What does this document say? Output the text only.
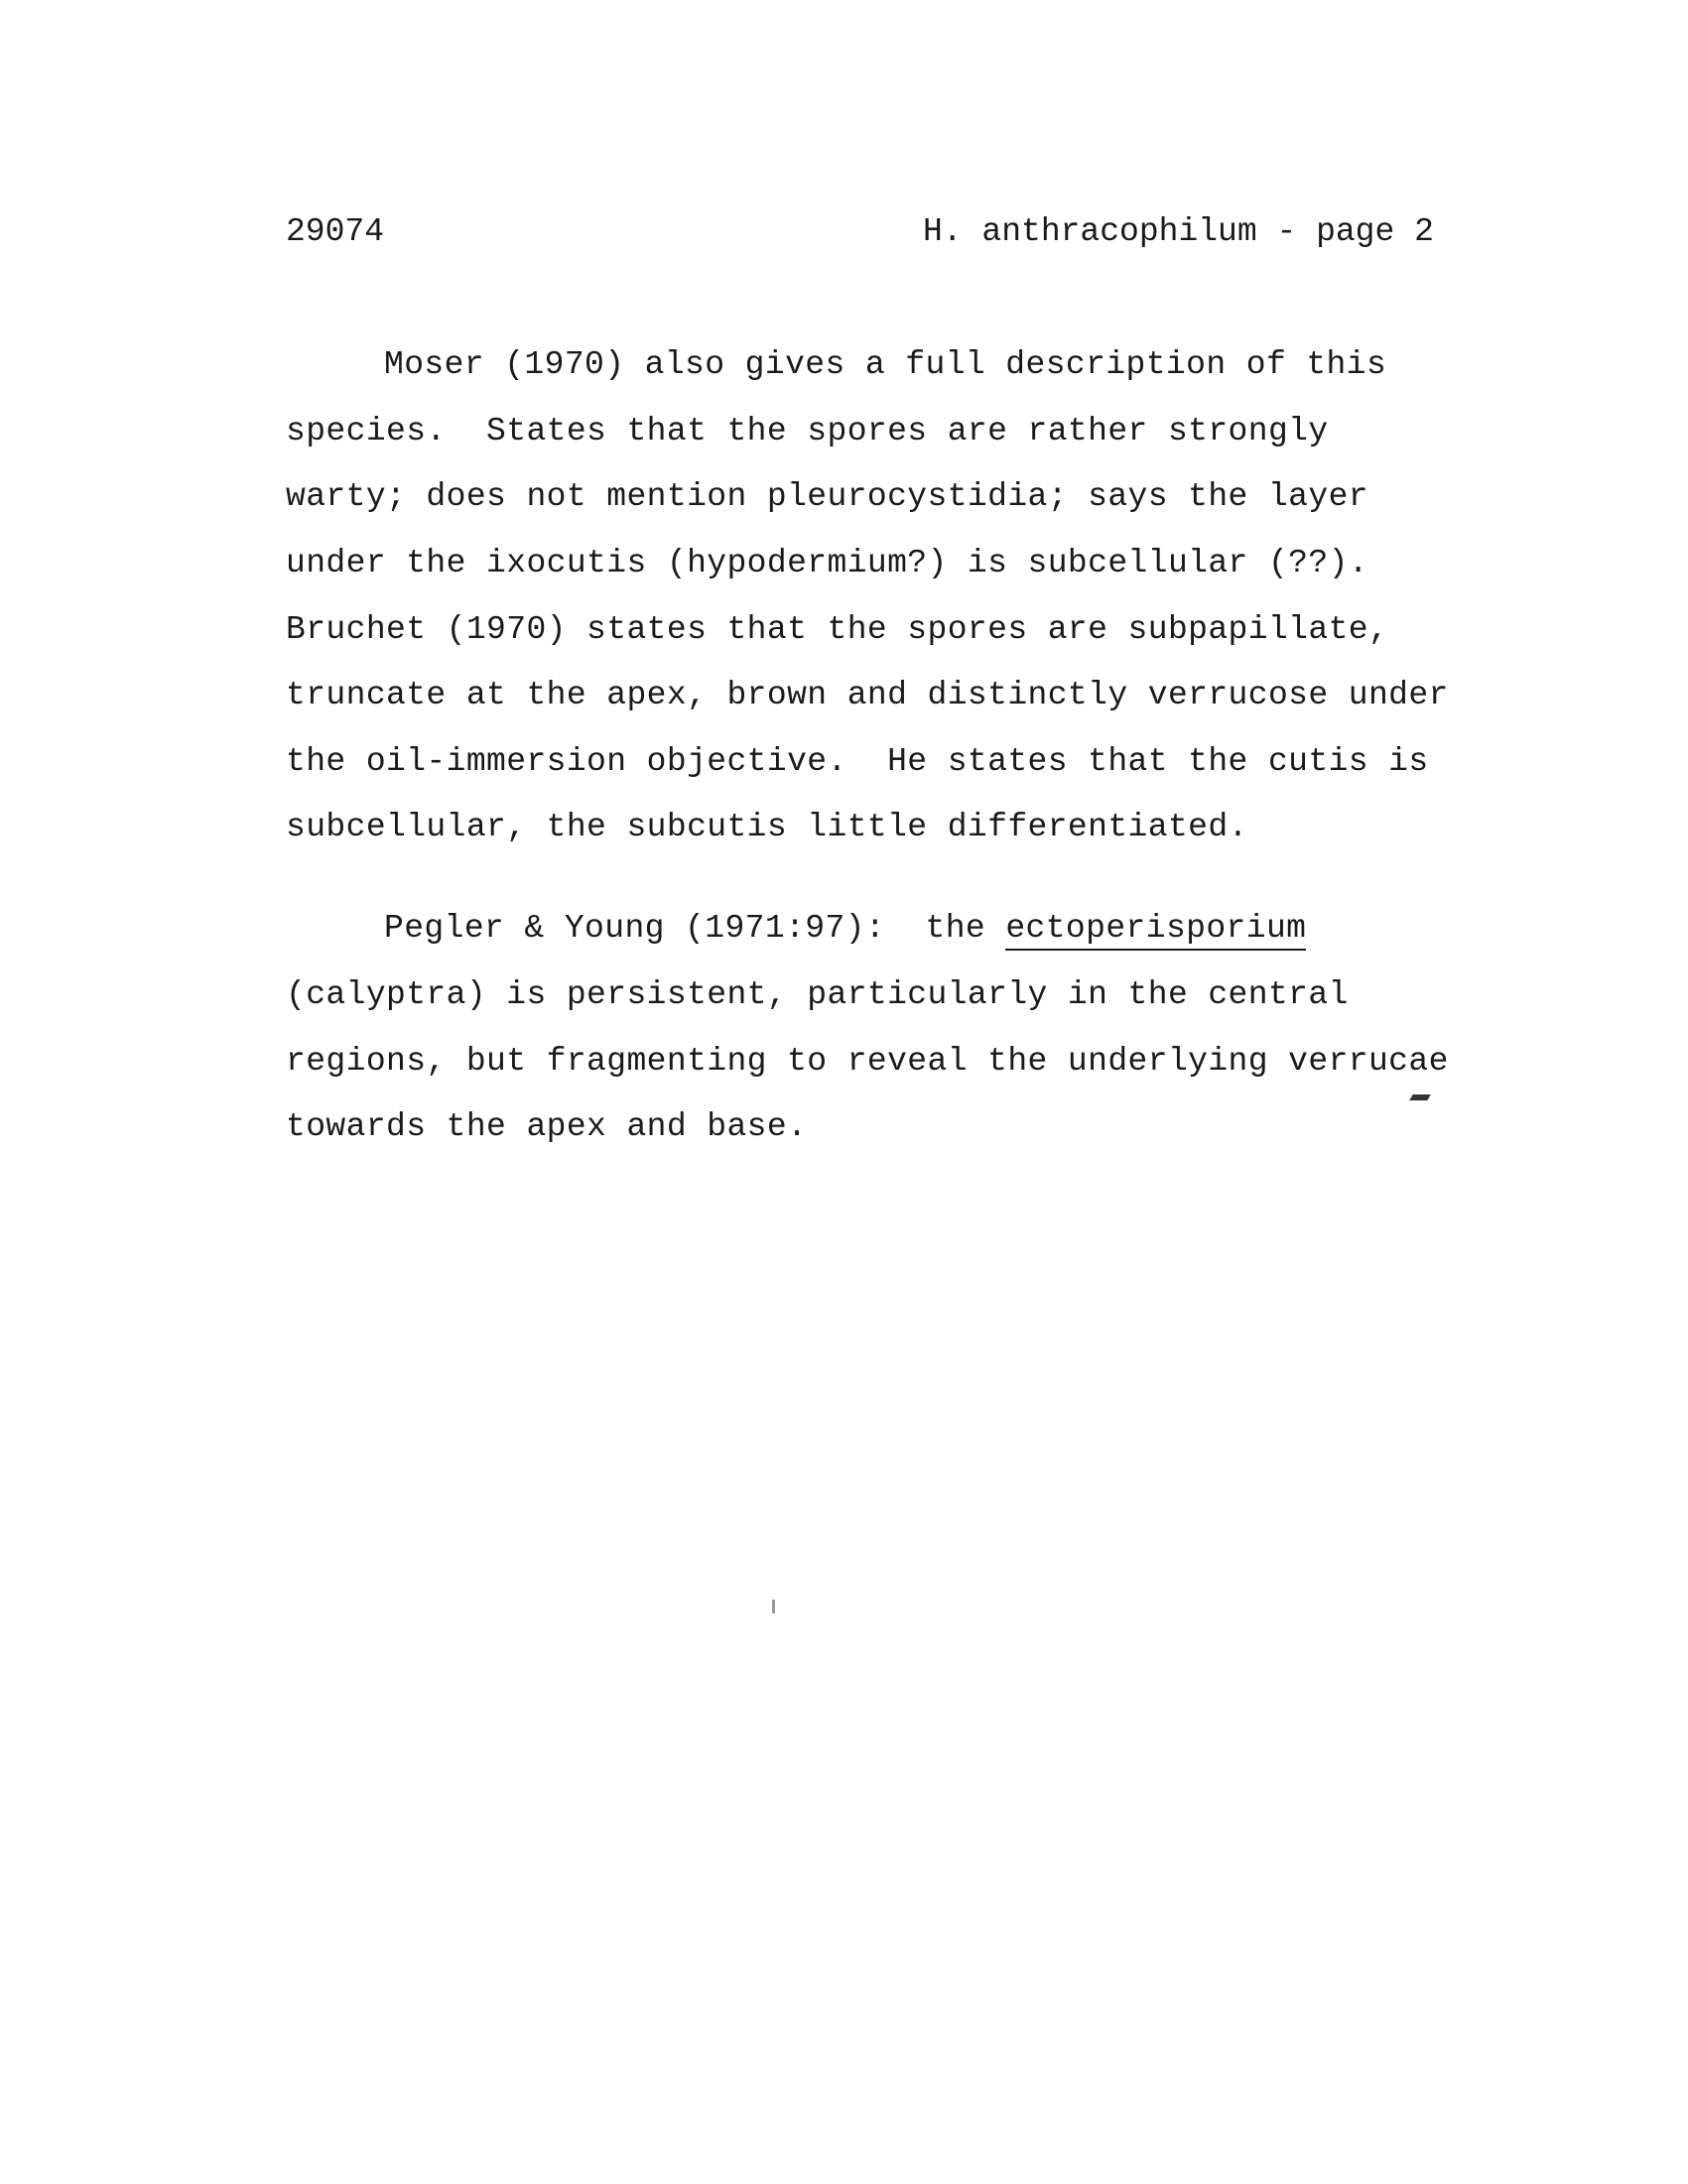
29074	H. anthracophilum - page 2
Moser (1970) also gives a full description of this
species.  States that the spores are rather strongly
warty; does not mention pleurocystidia; says the layer
under the ixocutis (hypodermium?) is subcellular (??).
Bruchet (1970) states that the spores are subpapillate,
truncate at the apex, brown and distinctly verrucose under
the oil-immersion objective.  He states that the cutis is
subcellular, the subcutis little differentiated.
Pegler & Young (1971:97):  the ectoperisporium
(calyptra) is persistent, particularly in the central
regions, but fragmenting to reveal the underlying verrucae
towards the apex and base.
